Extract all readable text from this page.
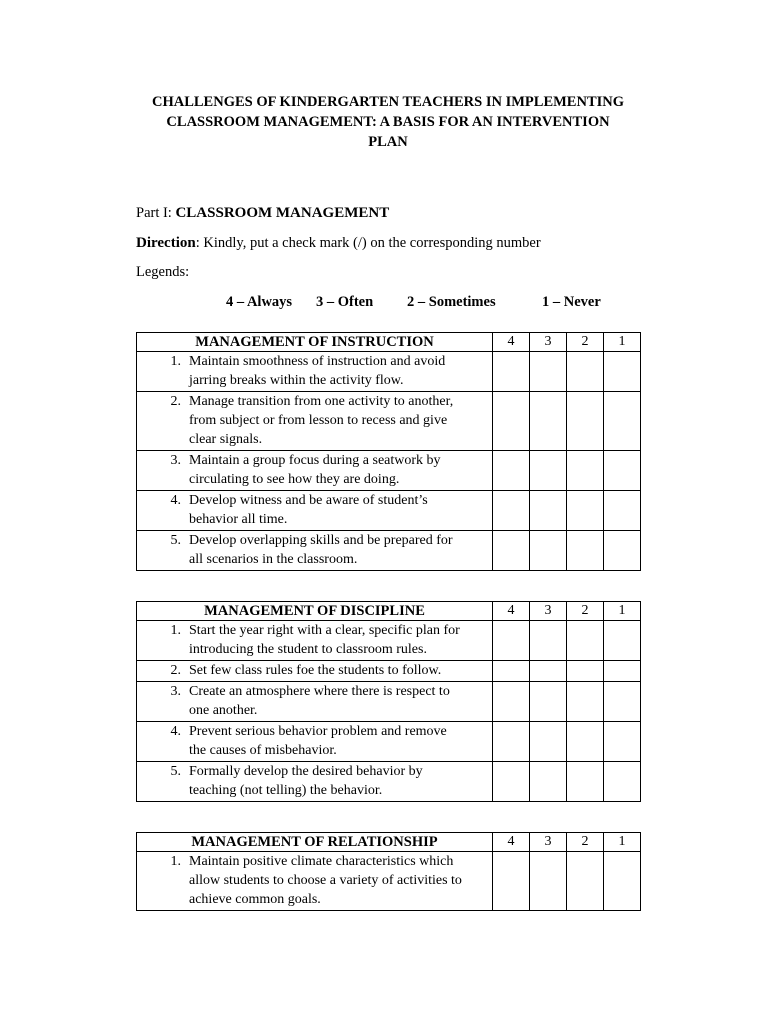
CHALLENGES OF KINDERGARTEN TEACHERS IN IMPLEMENTING
CLASSROOM MANAGEMENT: A BASIS FOR AN INTERVENTION
PLAN
Part I: CLASSROOM MANAGEMENT
Direction: Kindly, put a check mark (/) on the corresponding number
Legends:
4 – Always 3 – Often 2 – Sometimes	1 – Never
MANAGEMENT OF INSTRUCTION	4	3	2	1

1. Maintain smoothness of instruction and avoid
jarring breaks within the activity flow.				

2. Manage transition from one activity to another,
from subject or from lesson to recess and give
clear signals.				

3. Maintain a group focus during a seatwork by
circulating to see how they are doing.				

4. Develop witness and be aware of student’s
behavior all time.				

5. Develop overlapping skills and be prepared for
all scenarios in the classroom.				

MANAGEMENT OF DISCIPLINE	4	3	2	1

1. Start the year right with a clear, specific plan for
introducing the student to classroom rules.				

2. Set few class rules foe the students to follow.				

3. Create an atmosphere where there is respect to
one another.				

4. Prevent serious behavior problem and remove
the causes of misbehavior.				

5. Formally develop the desired behavior by
teaching (not telling) the behavior.				

MANAGEMENT OF RELATIONSHIP	4	3	2	1

1. Maintain positive climate characteristics which
allow students to choose a variety of activities to
achieve common goals.				
